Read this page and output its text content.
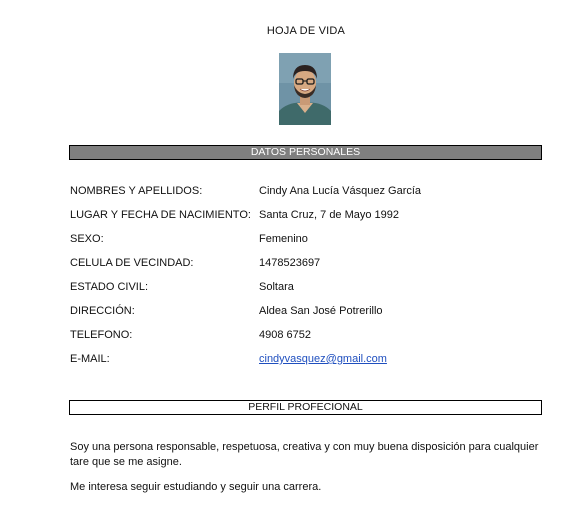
HOJA DE VIDA
DATOS PERSONALES
NOMBRES Y APELLIDOS:	Cindy Ana Lucía Vásquez García
LUGAR Y FECHA DE NACIMIENTO: Santa Cruz, 7 de Mayo 1992
SEXO:	Femenino
CELULA DE VECINDAD:	1478523697
ESTADO CIVIL:	Soltara
DIRECCIÓN:	Aldea San José Potrerillo
TELEFONO:	4908 6752
E-MAIL:	cindyvasquez@gmail.com
PERFIL PROFECIONAL
Soy una persona responsable, respetuosa, creativa y con muy buena disposición para cualquier tare que se me asigne.
Me interesa seguir estudiando y seguir una carrera.
